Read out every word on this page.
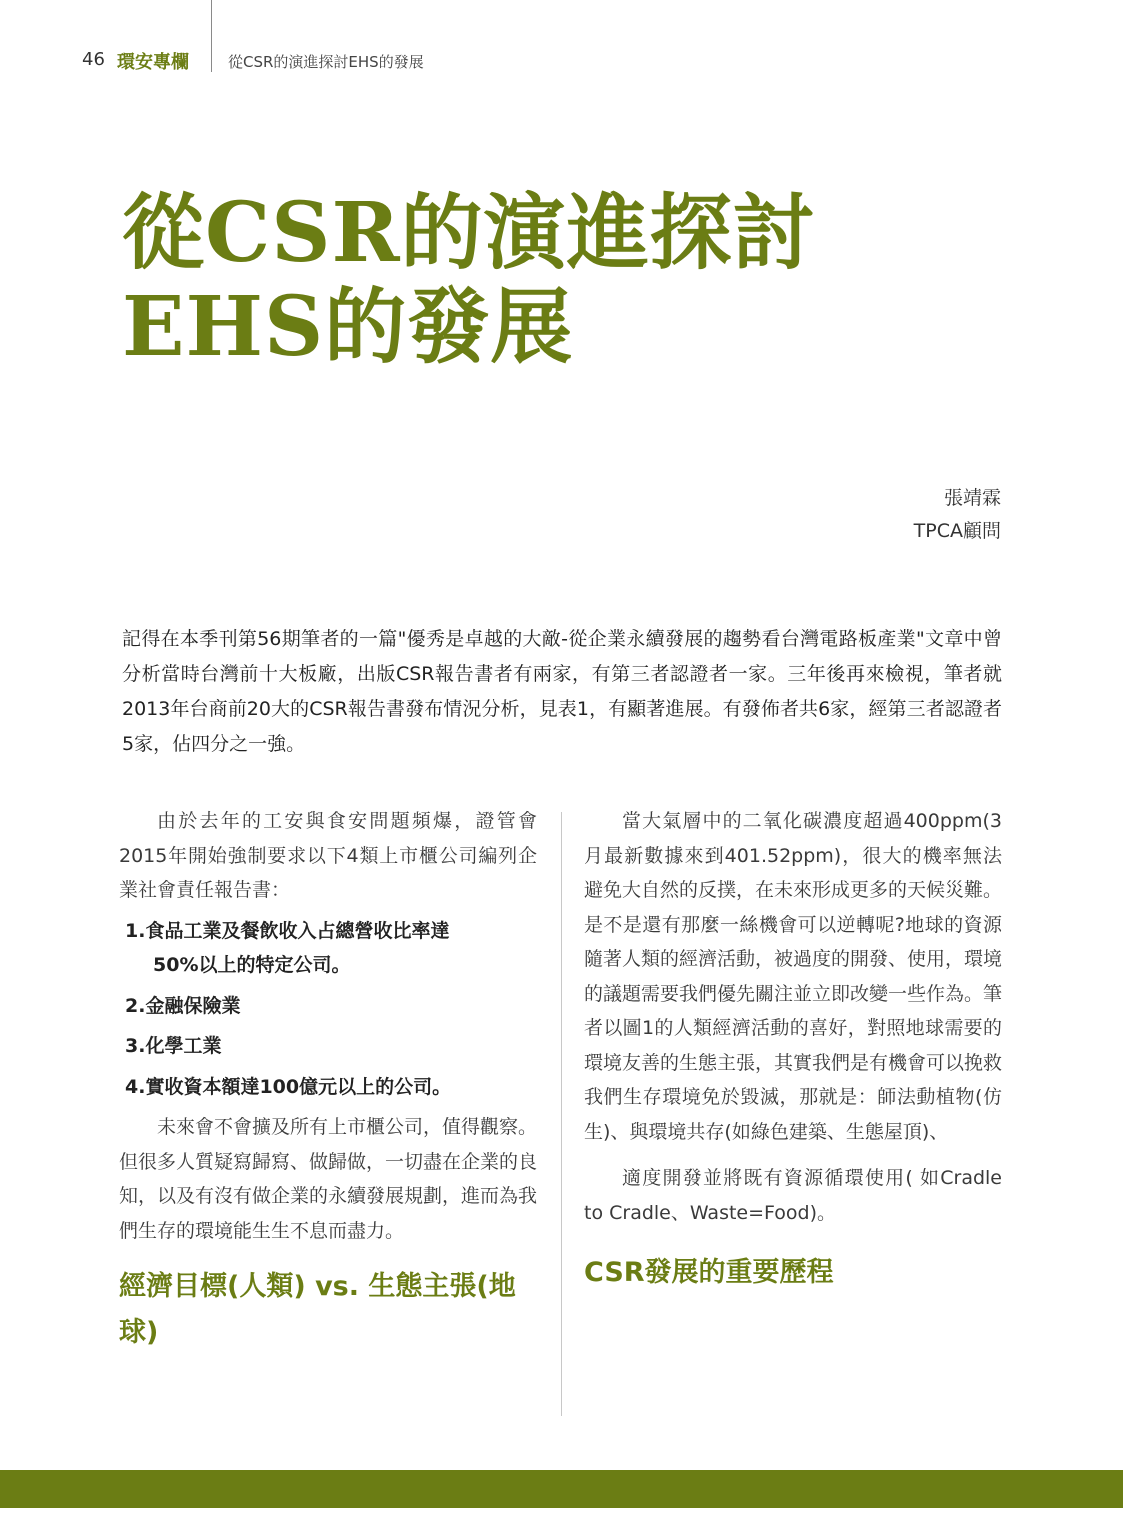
46 環安專欄	從CSR的演進探討EHS的發展
從CSR的演進探討
EHS的發展
張靖霖
TPCA顧問

記得在本季刊第56期筆者的一篇"優秀是卓越的大敵-從企業永續發展的趨勢看台灣電路板產業"文章中曾分析當時台灣前十大板廠，出版CSR報告書者有兩家，有第三者認證者一家。三年後再來檢視，筆者就2013年台商前20大的CSR報告書發布情況分析，見表1，有顯著進展。有發佈者共6家，經第三者認證者5家，佔四分之一強。

由於去年的工安與食安問題頻爆，證管會2015年開始強制要求以下4類上市櫃公司編列企業社會責任報告書：

1.食品工業及餐飲收入占總營收比率達
50%以上的特定公司。
2.金融保險業
3.化學工業
4.實收資本額達100億元以上的公司。

未來會不會擴及所有上市櫃公司，值得觀察。但很多人質疑寫歸寫、做歸做，一切盡在企業的良知，以及有沒有做企業的永續發展規劃，進而為我們生存的環境能生生不息而盡力。

經濟目標(人類) vs. 生態主張(地球)

當大氣層中的二氧化碳濃度超過400ppm(3月最新數據來到401.52ppm)，很大的機率無法避免大自然的反撲，在未來形成更多的天候災難。是不是還有那麼一絲機會可以逆轉呢?地球的資源隨著人類的經濟活動，被過度的開發、使用，環境的議題需要我們優先關注並立即改變一些作為。筆者以圖1的人類經濟活動的喜好，對照地球需要的環境友善的生態主張，其實我們是有機會可以挽救我們生存環境免於毀滅，那就是：師法動植物(仿生)、與環境共存(如綠色建築、生態屋頂)、

適度開發並將既有資源循環使用( 如Cradle to Cradle、Waste=Food)。

CSR發展的重要歷程
